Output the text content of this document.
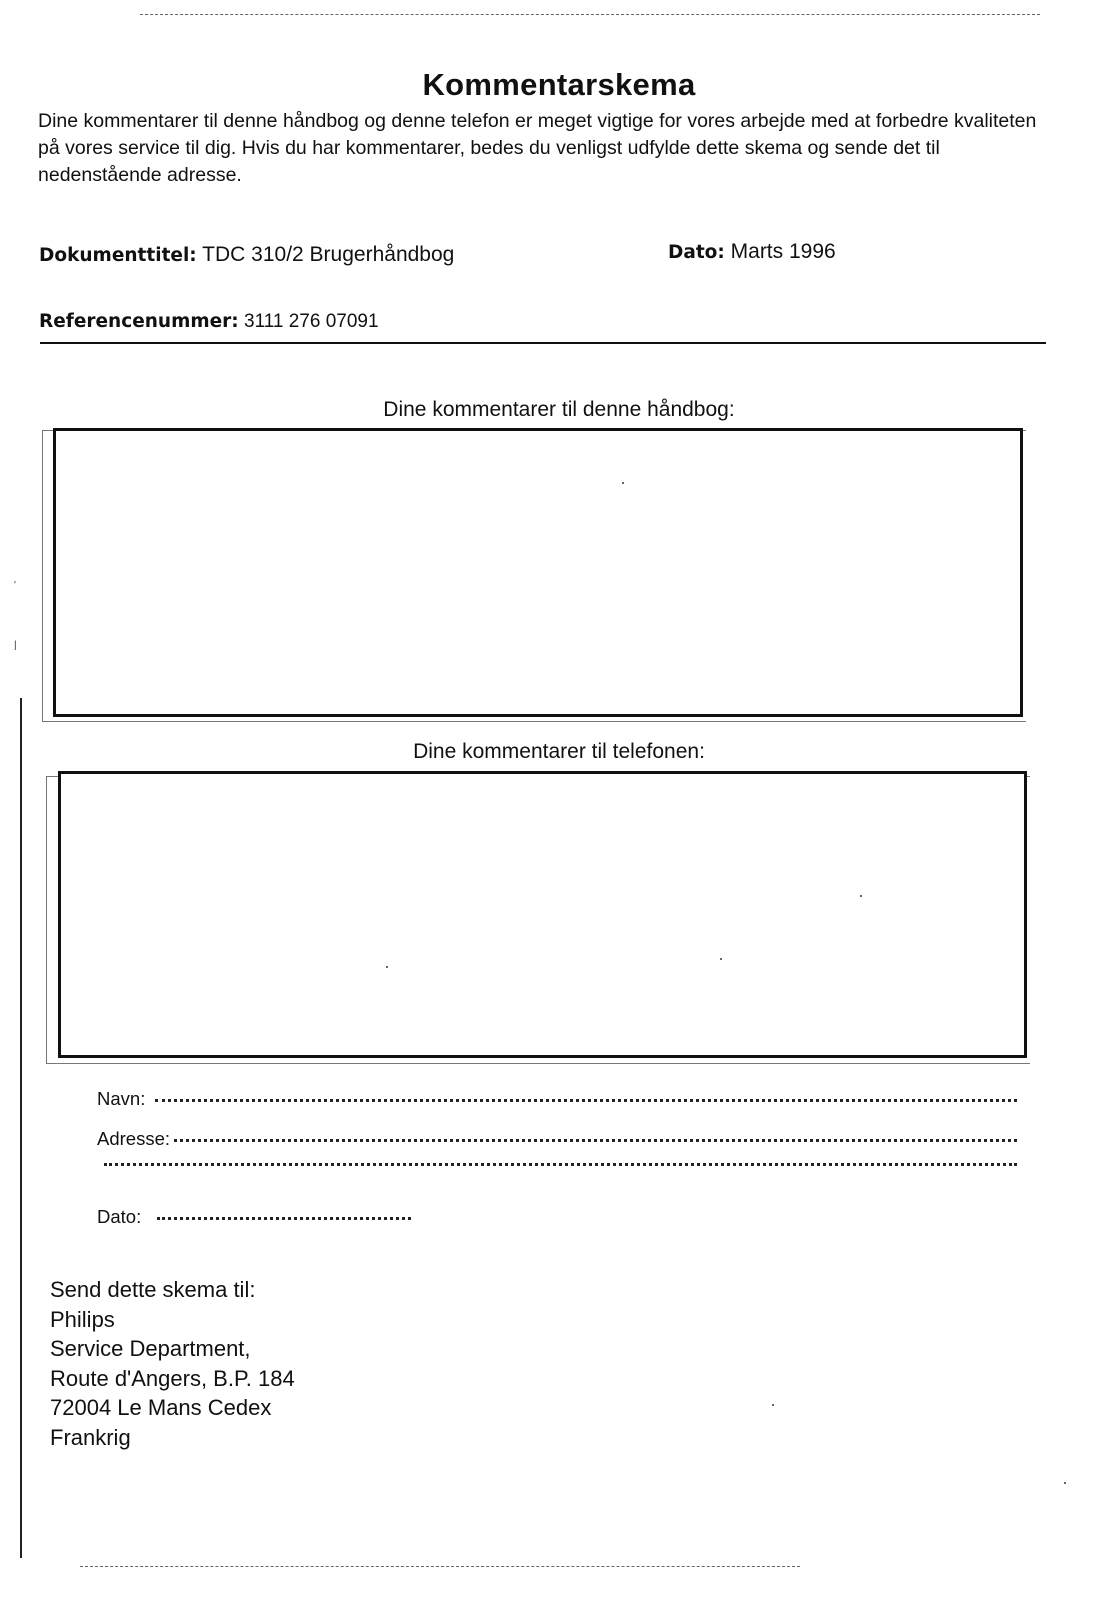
'
|
Kommentarskema

Dine kommentarer til denne håndbog og denne telefon er meget vigtige for vores arbejde med at forbedre kvaliteten på vores service til dig. Hvis du har kommentarer, bedes du venligst udfylde dette skema og sende det til nedenstående adresse.

Dokumenttitel: TDC 310/2 Brugerhåndbog	Dato: Marts 1996
Referencenummer: 3111 276 07091
Dine kommentarer til denne håndbog:
Dine kommentarer til telefonen:
Navn:
Adresse:
Dato:
Send dette skema til:
Philips
Service Department,
Route d'Angers, B.P. 184
72004 Le Mans Cedex
Frankrig
